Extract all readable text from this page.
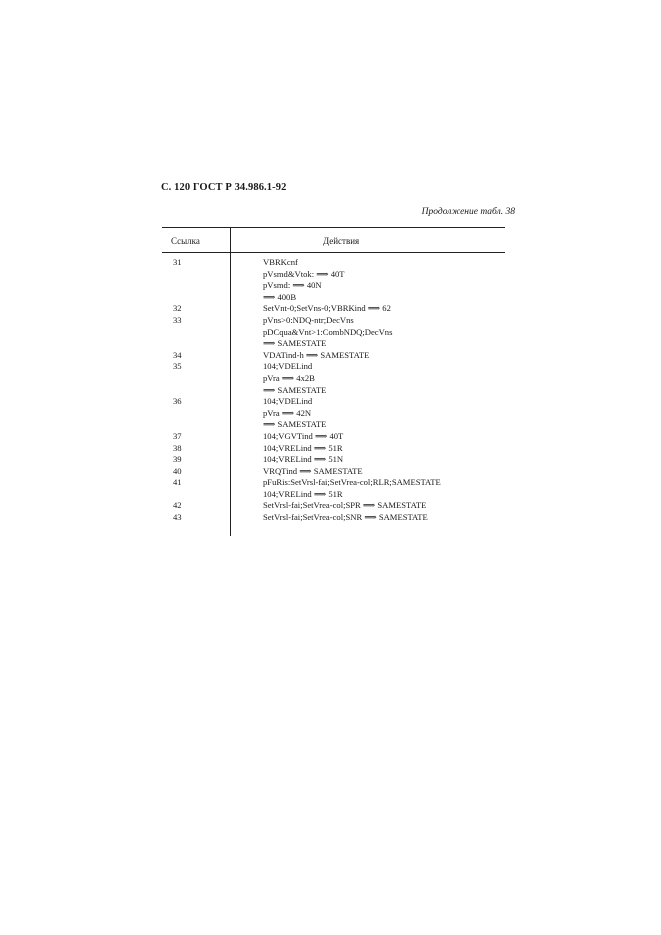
С. 120 ГОСТ Р 34.986.1-92
Продолжение табл. 38
Ссылка	Действия
31	VBRKcnf
pVsmd&Vtok: ⟹ 40T
pVsmd: ⟹ 40N
⟹ 400B
32	SetVnt-0;SetVns-0;VBRKind ⟹ 62
33	pVns>0:NDQ-ntr;DecVns
pDCqua&Vnt>1:CombNDQ;DecVns
⟹ SAMESTATE
34	VDATind-h ⟹ SAMESTATE
35	104;VDELind
pVrа ⟹ 4x2B
⟹ SAMESTATE
36	104;VDELind
pVrа ⟹ 42N
⟹ SAMESTATE
37	104;VGVTind ⟹ 40T
38	104;VRELind ⟹ 51R
39	104;VRELind ⟹ 51N
40	VRQTind ⟹ SAMESTATE
41	pFuRis:SetVrsl-fai;SetVrea-col;RLR;SAMESTATE
104;VRELind ⟹ 51R
42	SetVrsl-fai;SetVrea-col;SPR ⟹ SAMESTATE
43	SetVrsl-fai;SetVrea-col;SNR ⟹ SAMESTATE
